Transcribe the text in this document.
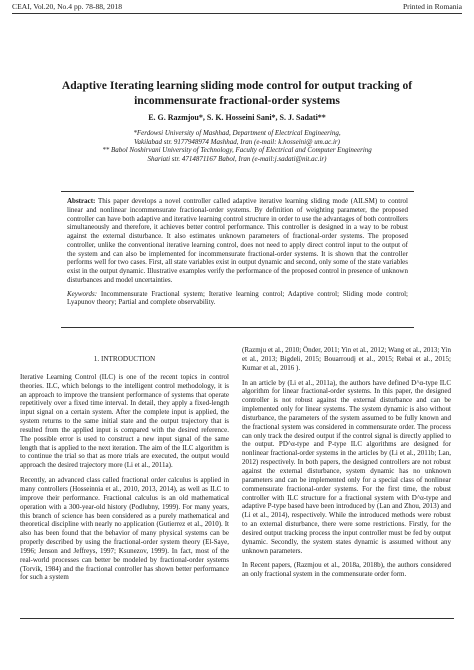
CEAI, Vol.20, No.4 pp. 78-88, 2018	Printed in Romania
Adaptive Iterating learning sliding mode control for output tracking of incommensurate fractional-order systems
E. G. Razmjou*, S. K. Hosseini Sani*, S. J. Sadati**
*Ferdowsi University of Mashhad, Department of Electrical Engineering,
Vakilabad str. 9177948974 Mashhad, Iran (e-mail: k.hosseini@ um.ac.ir)
** Babol Noshirvani University of Technology, Faculty of Electrical and Computer Engineering
Shariati str. 4714871167 Babol, Iran (e-mail:j.sadati@nit.ac.ir)
Abstract: This paper develops a novel controller called adaptive iterative learning sliding mode (AILSM) to control linear and nonlinear incommensurate fractional-order systems. By definition of weighting parameter, the proposed controller can have both adaptive and iterative learning control structure in order to use the advantages of both controllers simultaneously and therefore, it achieves better control performance. This controller is designed in a way to be robust against the external disturbance. It also estimates unknown parameters of fractional-order systems. The proposed controller, unlike the conventional iterative learning control, does not need to apply direct control input to the output of the system and can also be implemented for incommensurate fractional-order systems. It is shown that the controller performs well for two cases. First, all state variables exist in output dynamic and second, only some of the state variables exist in the output dynamic. Illustrative examples verify the performance of the proposed control in presence of unknown disturbances and model uncertainties.
Keywords: Incommensurate Fractional system; Iterative learning control; Adaptive control; Sliding mode control; Lyapunov theory; Partial and complete observability.
1. INTRODUCTION

Iterative Learning Control (ILC) is one of the recent topics in control theories. ILC, which belongs to the intelligent control methodology, it is an approach to improve the transient performance of systems that operate repetitively over a fixed time interval. In detail, they apply a fixed-length input signal on a certain system. After the complete input is applied, the system returns to the same initial state and the output trajectory that is resulted from the applied input is compared with the desired reference. The possible error is used to construct a new input signal of the same length that is applied to the next iteration. The aim of the ILC algorithm is to continue the trial so that as more trials are executed, the output would approach the desired trajectory more (Li et al., 2011a).

Recently, an advanced class called fractional order calculus is applied in many controllers (Hosseinnia et al., 2010, 2013, 2014), as well as ILC to improve their performance. Fractional calculus is an old mathematical operation with a 300-year-old history (Podlubny, 1999). For many years, this branch of science has been considered as a purely mathematical and theoretical discipline with nearly no application (Gutierrez et al., 2010). It also has been found that the behavior of many physical systems can be properly described by using the fractional-order system theory (El-Saye, 1996; Jenson and Jeffreys, 1997; Ksunezov, 1999). In fact, most of the real-world processes can better be modeled by fractional-order systems (Torvik, 1984) and the fractional controller has shown better performance for such a system

(Razmju et al., 2010; Önder, 2011; Yin et al., 2012; Wang et al., 2013; Yin et al., 2013; Bigdeli, 2015; Bouarroudj et al., 2015; Rebai et al., 2015; Kumar et al., 2016 ).

In an article by (Li et al., 2011a), the authors have defined D^α-type ILC algorithm for linear fractional-order systems. In this paper, the designed controller is not robust against the external disturbance and can be implemented only for linear systems. The system dynamic is also without disturbance, the parameters of the system assumed to be fully known and the fractional system was considered in commensurate order. The process can only track the desired output if the control signal is directly applied to the output. PD^α-type and P-type ILC algorithms are designed for nonlinear fractional-order systems in the articles by (Li et al., 2011b; Lan, 2012) respectively. In both papers, the designed controllers are not robust against the external disturbance, system dynamic has no unknown parameters and can be implemented only for a special class of nonlinear commensurate fractional-order systems. For the first time, the robust controller with ILC structure for a fractional system with D^α-type and adaptive P-type based have been introduced by (Lan and Zhou, 2013) and (Li et al., 2014), respectively. While the introduced methods were robust to an external disturbance, there were some restrictions. Firstly, for the desired output tracking process the input controller must be fed by output dynamic. Secondly, the system states dynamic is assumed without any unknown parameters.

In Recent papers, (Razmjou et al., 2018a, 2018b), the authors considered an only fractional system in the commensurate order form.
